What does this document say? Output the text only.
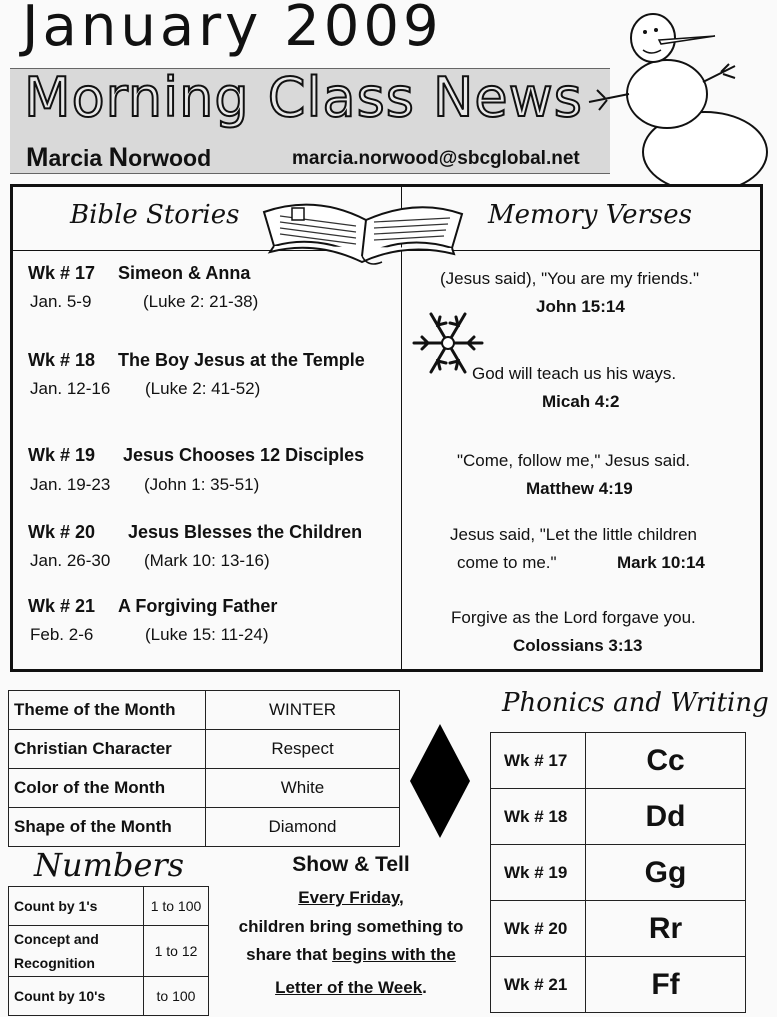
January 2009
Morning Class News
Marcia Norwood	marcia.norwood@sbcglobal.net
Bible Stories	Memory Verses
Wk # 17 Simeon & Anna
Jan. 5-9	(Luke 2: 21-38)
Wk # 18 The Boy Jesus at the Temple
Jan. 12-16 (Luke 2: 41-52)
Wk # 19 Jesus Chooses 12 Disciples
Jan. 19-23 (John 1: 35-51)
Wk # 20 Jesus Blesses the Children
Jan. 26-30 (Mark 10: 13-16)
Wk # 21 A Forgiving Father
Feb. 2-6	(Luke 15: 11-24)
(Jesus said), "You are my friends."
John 15:14
God will teach us his ways.
Micah 4:2
"Come, follow me," Jesus said.
Matthew 4:19
Jesus said, "Let the little children
come to me."	Mark 10:14
Forgive as the Lord forgave you.
Colossians 3:13
Theme of the Month	WINTER
Christian Character	Respect
Color of the Month	White
Shape of the Month	Diamond
Numbers
Count by 1's	1 to 100
Concept and Recognition	1 to 12
Count by 10's	to 100
Show & Tell
Every Friday,
children bring something to
share that begins with the
Letter of the Week.
Phonics and Writing
Wk # 17	Cc
Wk # 18	Dd
Wk # 19	Gg
Wk # 20	Rr
Wk # 21	Ff
